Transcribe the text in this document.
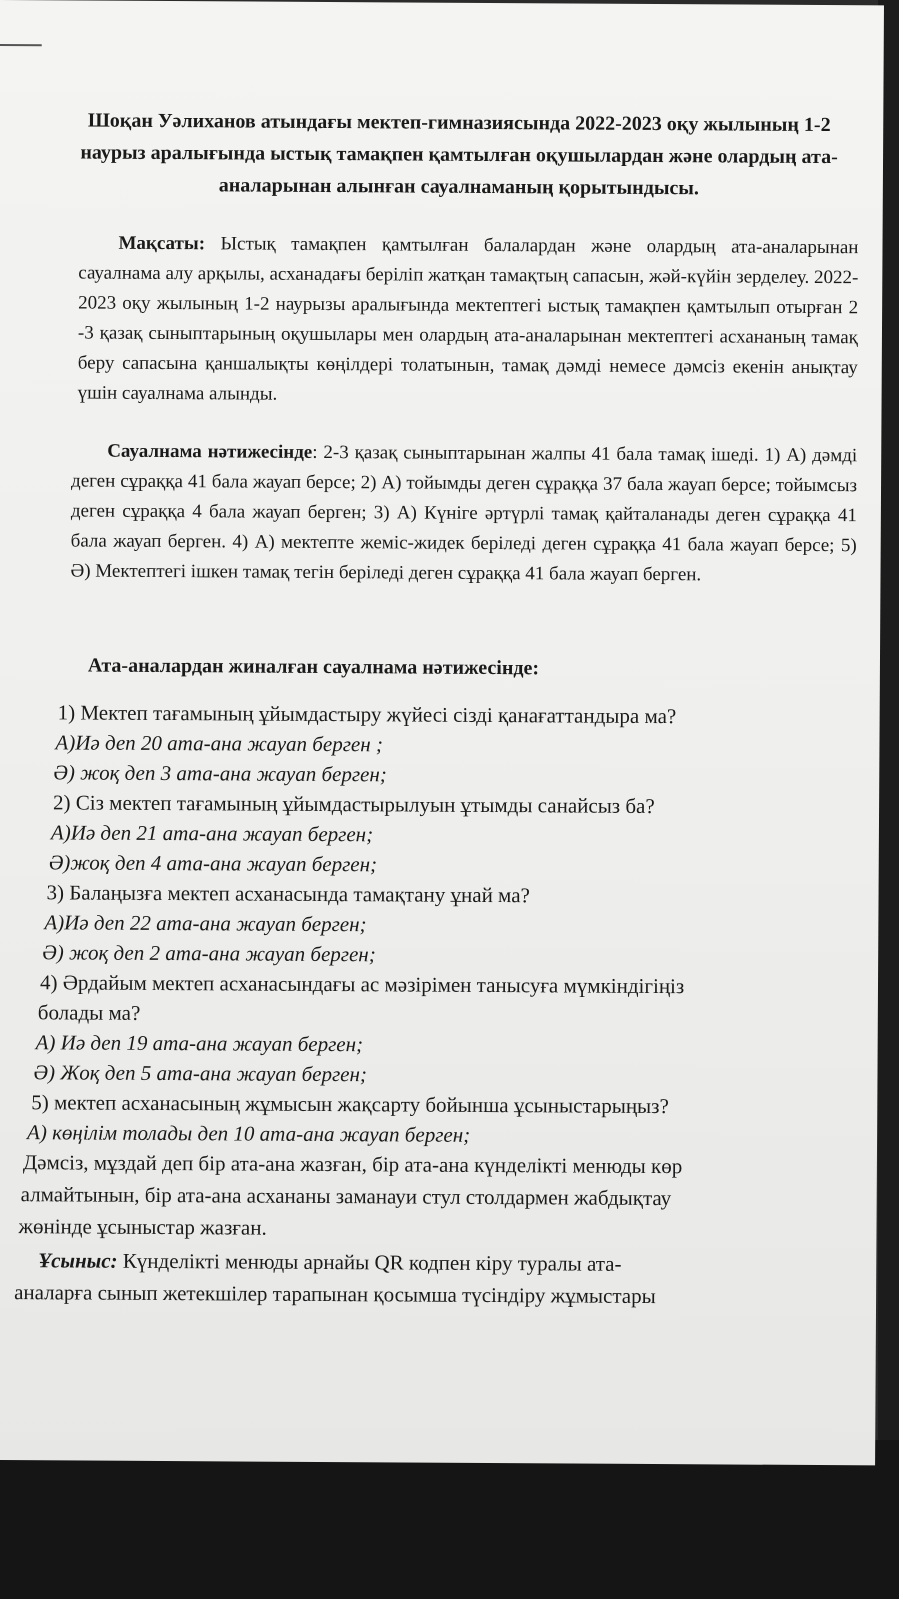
Шоқан Уәлиханов атындағы мектеп-гимназиясында 2022-2023 оқу жылының 1-2 наурыз аралығында ыстық тамақпен қамтылған оқушылардан және олардың ата-аналарынан алынған сауалнаманың қорытындысы.
Мақсаты: Ыстық тамақпен қамтылған балалардан және олардың ата-аналарынан сауалнама алу арқылы, асханадағы беріліп жатқан тамақтың сапасын, жәй-күйін зерделеу. 2022-2023 оқу жылының 1-2 наурызы аралығында мектептегі ыстық тамақпен қамтылып отырған 2 -3 қазақ сыныптарының оқушылары мен олардың ата-аналарынан мектептегі асхананың тамақ беру сапасына қаншалықты көңілдері толатынын, тамақ дәмді немесе дәмсіз екенін анықтау үшін сауалнама алынды.
Сауалнама нәтижесінде: 2-3 қазақ сыныптарынан жалпы 41 бала тамақ ішеді. 1) А) дәмді деген сұраққа 41 бала жауап берсе; 2) А) тойымды деген сұраққа 37 бала жауап берсе; тойымсыз деген сұраққа 4 бала жауап берген; 3) А) Күнiге әртүрлі тамақ қайталанады деген сұраққа 41 бала жауап берген. 4) А) мектепте жеміс-жидек беріледі деген сұраққа 41 бала жауап берсе; 5) Ә) Мектептегі ішкен тамақ тегін беріледі деген сұраққа 41 бала жауап берген.
Ата-аналардан жиналған сауалнама нәтижесінде:
1) Мектеп тағамының ұйымдастыру жүйесі сізді қанағаттандыра ма?
А)Иә деп 20 ата-ана жауап берген ;
Ә) жоқ деп 3 ата-ана жауап берген;
2) Сіз мектеп тағамының ұйымдастырылуын ұтымды санайсыз ба?
А)Иә деп 21 ата-ана жауап берген;
Ә)жоқ деп 4 ата-ана жауап берген;
3) Балаңызға мектеп асханасында тамақтану ұнай ма?
А)Иә деп 22 ата-ана жауап берген;
Ә) жоқ деп 2 ата-ана жауап берген;
4) Әрдайым мектеп асханасындағы ас мәзірімен танысуға мүмкіндігіңіз
болады ма?
А) Иә деп 19 ата-ана жауап берген;
Ә) Жоқ деп 5 ата-ана жауап берген;
5) мектеп асханасының жұмысын жақсарту бойынша ұсыныстарыңыз?
А) көңілім толады деп 10 ата-ана жауап берген;
Дәмсіз, мұздай деп бір ата-ана жазған, бір ата-ана күнделікті менюды көр
алмайтынын, бір ата-ана асхананы заманауи стул столдармен жабдықтау
жөнінде ұсыныстар жазған.
Ұсыныс: Күнделікті менюды арнайы QR кодпен кіру туралы ата-
аналарға сынып жетекшілер тарапынан қосымша түсіндіру жұмыстары
